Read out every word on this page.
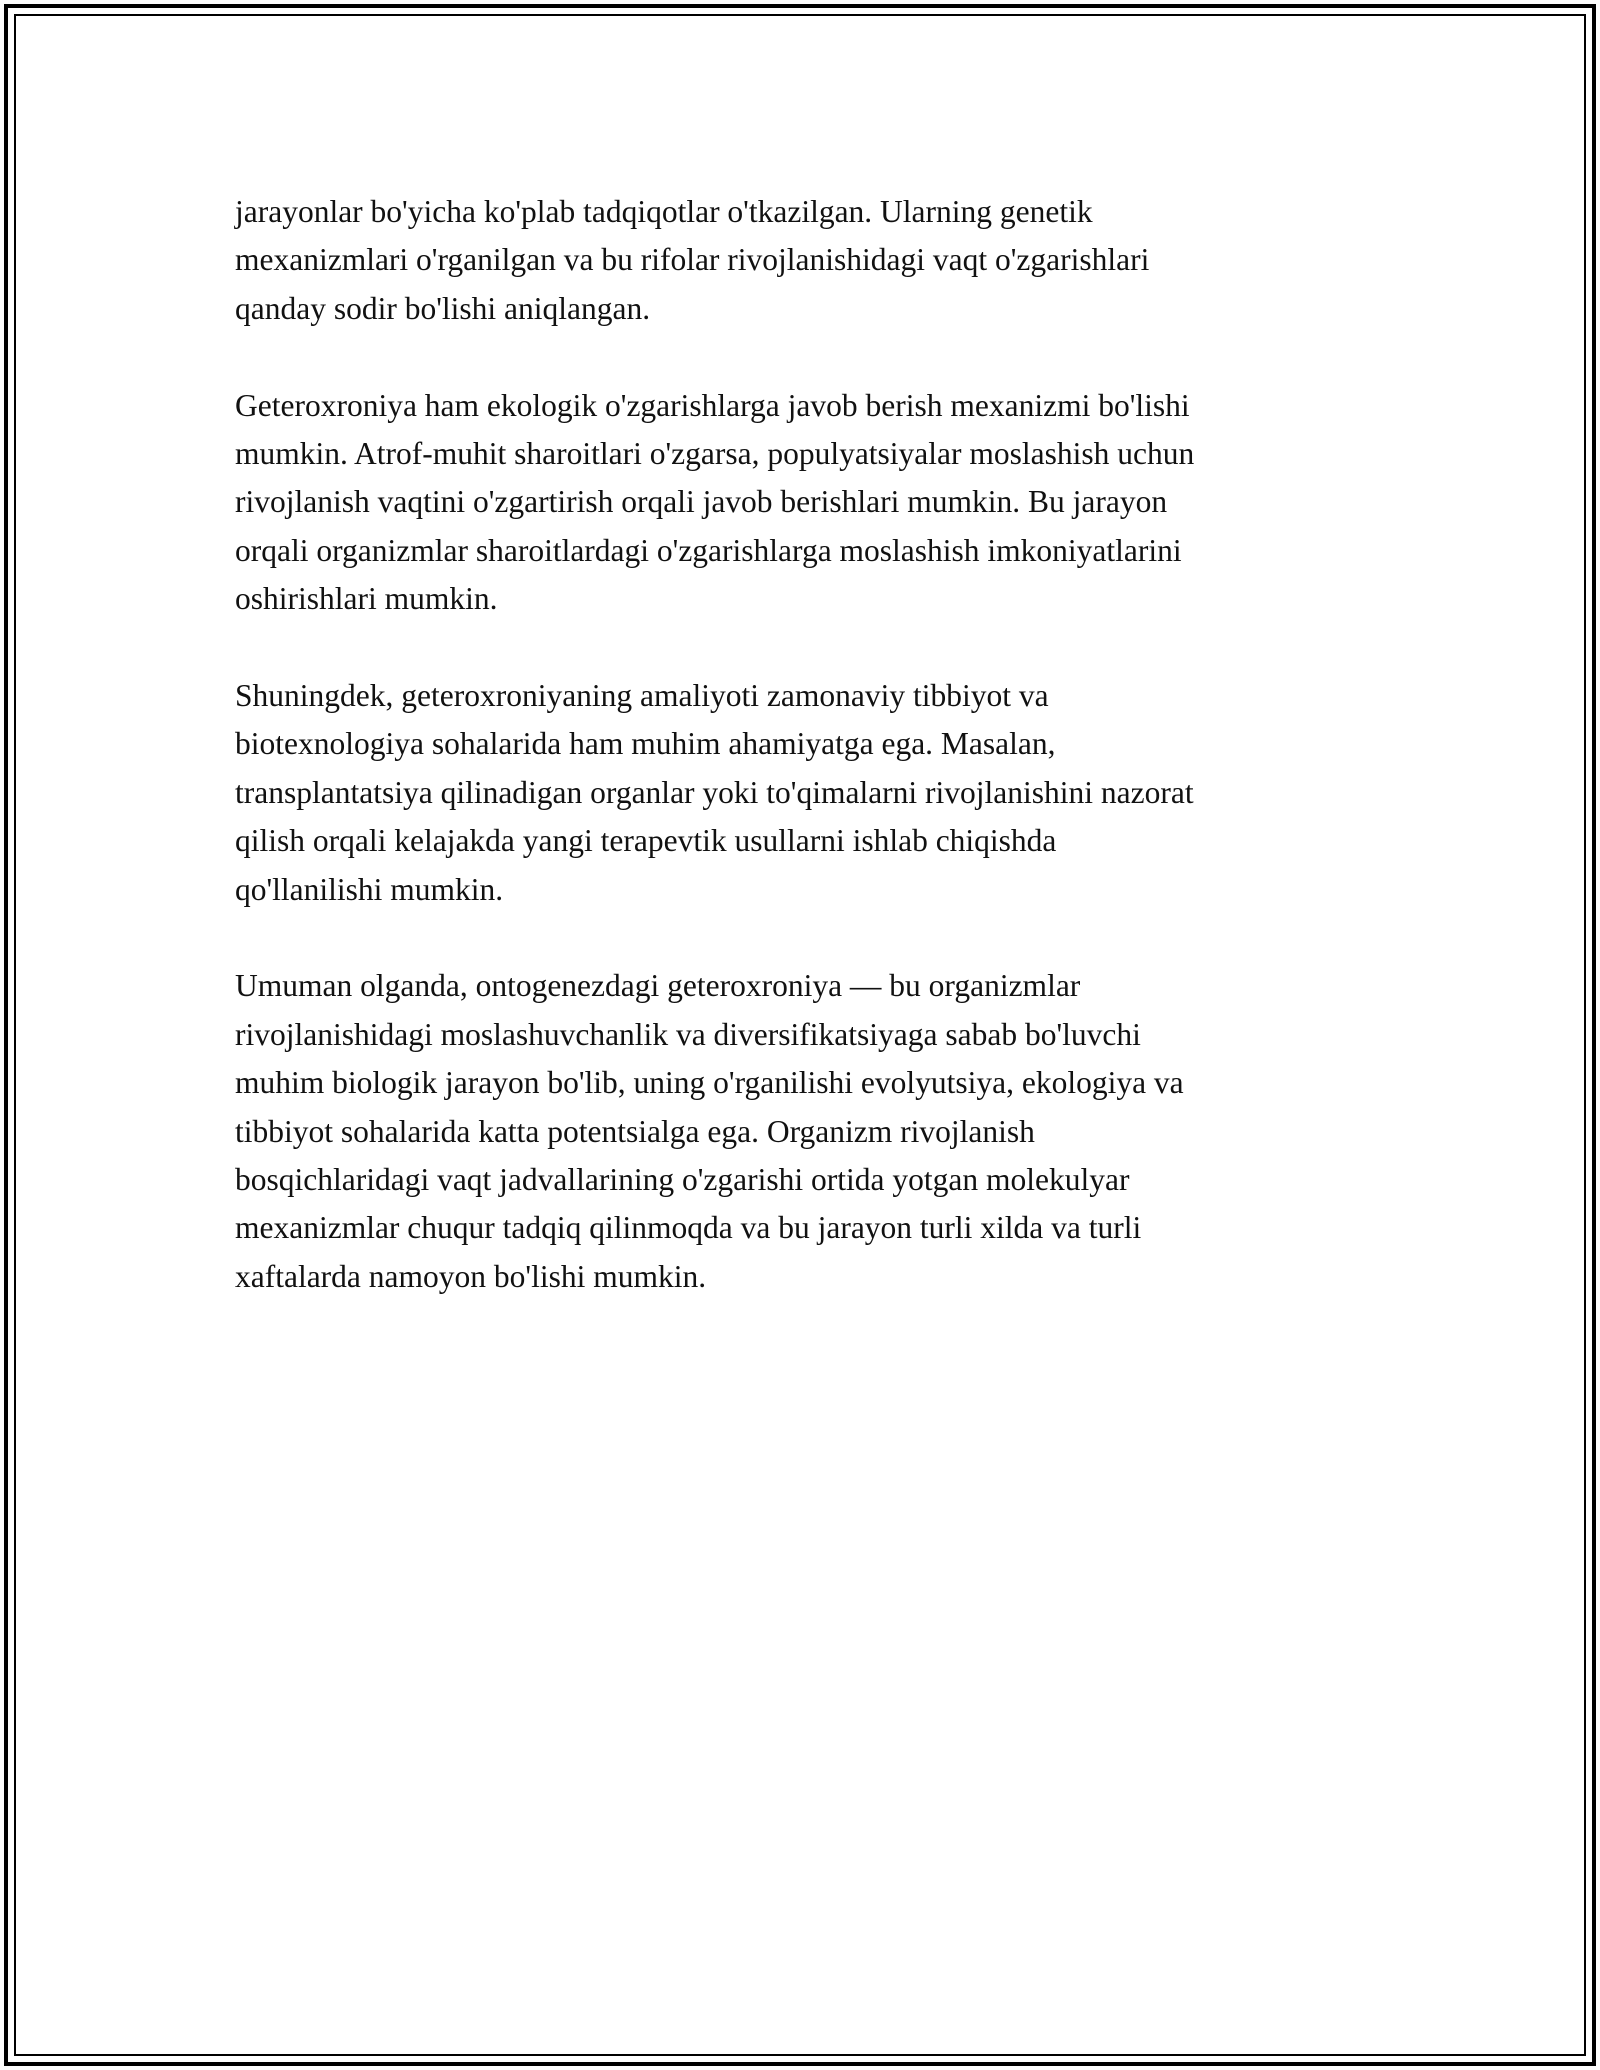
jarayonlar bo'yicha ko'plab tadqiqotlar o'tkazilgan. Ularning genetik
mexanizmlari o'rganilgan va bu rifolar rivojlanishidagi vaqt o'zgarishlari
qanday sodir bo'lishi aniqlangan.

Geteroxroniya ham ekologik o'zgarishlarga javob berish mexanizmi bo'lishi
mumkin. Atrof-muhit sharoitlari o'zgarsa, populyatsiyalar moslashish uchun
rivojlanish vaqtini o'zgartirish orqali javob berishlari mumkin. Bu jarayon
orqali organizmlar sharoitlardagi o'zgarishlarga moslashish imkoniyatlarini
oshirishlari mumkin.

Shuningdek, geteroxroniyaning amaliyoti zamonaviy tibbiyot va
biotexnologiya sohalarida ham muhim ahamiyatga ega. Masalan,
transplantatsiya qilinadigan organlar yoki to'qimalarni rivojlanishini nazorat
qilish orqali kelajakda yangi terapevtik usullarni ishlab chiqishda
qo'llanilishi mumkin.

Umuman olganda, ontogenezdagi geteroxroniya — bu organizmlar
rivojlanishidagi moslashuvchanlik va diversifikatsiyaga sabab bo'luvchi
muhim biologik jarayon bo'lib, uning o'rganilishi evolyutsiya, ekologiya va
tibbiyot sohalarida katta potentsialga ega. Organizm rivojlanish
bosqichlaridagi vaqt jadvallarining o'zgarishi ortida yotgan molekulyar
mexanizmlar chuqur tadqiq qilinmoqda va bu jarayon turli xilda va turli
xaftalarda namoyon bo'lishi mumkin.
